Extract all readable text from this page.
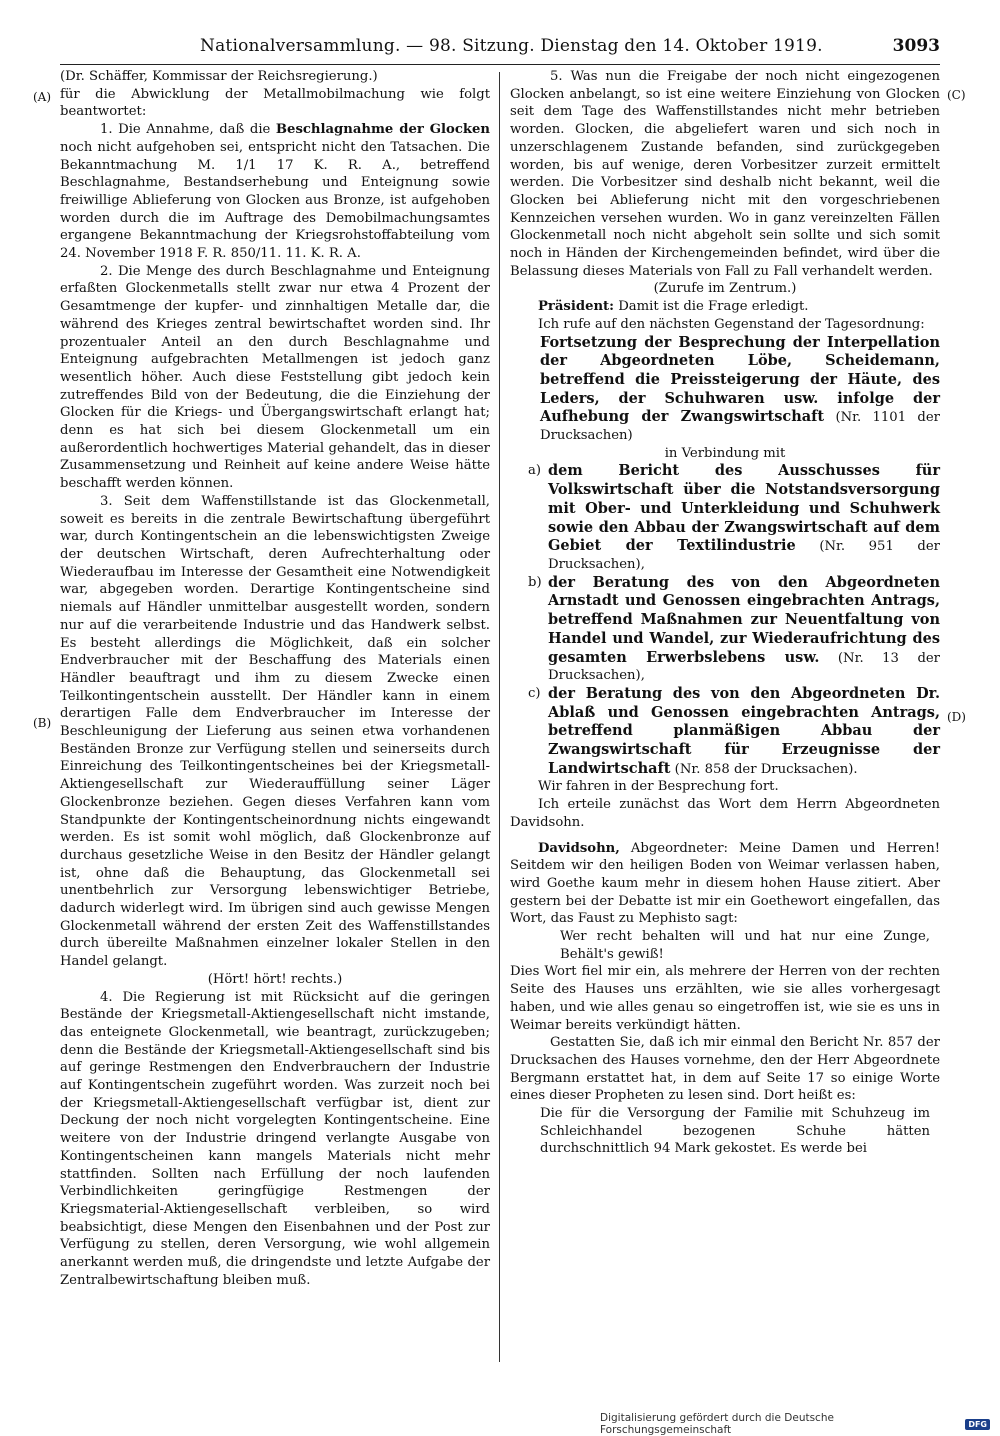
Nationalversammlung. — 98. Sitzung. Dienstag den 14. Oktober 1919.	3093
(A)
(B)
(C)
(D)

(Dr. Schäffer, Kommissar der Reichsregierung.)

für die Abwicklung der Metallmobilmachung wie folgt beantwortet:

1. Die Annahme, daß die Beschlagnahme der Glocken noch nicht aufgehoben sei, entspricht nicht den Tatsachen. Die Bekanntmachung M. 1/1 17 K. R. A., betreffend Beschlagnahme, Bestandserhebung und Enteignung sowie freiwillige Ablieferung von Glocken aus Bronze, ist aufgehoben worden durch die im Auftrage des Demobilmachungsamtes ergangene Bekanntmachung der Kriegsrohstoffabteilung vom 24. November 1918 F. R. 850/11. 11. K. R. A.

2. Die Menge des durch Beschlagnahme und Enteignung erfaßten Glockenmetalls stellt zwar nur etwa 4 Prozent der Gesamtmenge der kupfer- und zinnhaltigen Metalle dar, die während des Krieges zentral bewirtschaftet worden sind. Ihr prozentualer Anteil an den durch Beschlagnahme und Enteignung aufgebrachten Metallmengen ist jedoch ganz wesentlich höher. Auch diese Feststellung gibt jedoch kein zutreffendes Bild von der Bedeutung, die die Einziehung der Glocken für die Kriegs- und Übergangswirtschaft erlangt hat; denn es hat sich bei diesem Glockenmetall um ein außerordentlich hochwertiges Material gehandelt, das in dieser Zusammensetzung und Reinheit auf keine andere Weise hätte beschafft werden können.

3. Seit dem Waffenstillstande ist das Glockenmetall, soweit es bereits in die zentrale Bewirtschaftung übergeführt war, durch Kontingentschein an die lebenswichtigsten Zweige der deutschen Wirtschaft, deren Aufrechterhaltung oder Wiederaufbau im Interesse der Gesamtheit eine Notwendigkeit war, abgegeben worden. Derartige Kontingentscheine sind niemals auf Händler unmittelbar ausgestellt worden, sondern nur auf die verarbeitende Industrie und das Handwerk selbst. Es besteht allerdings die Möglichkeit, daß ein solcher Endverbraucher mit der Beschaffung des Materials einen Händler beauftragt und ihm zu diesem Zwecke einen Teilkontingentschein ausstellt. Der Händler kann in einem derartigen Falle dem Endverbraucher im Interesse der Beschleunigung der Lieferung aus seinen etwa vorhandenen Beständen Bronze zur Verfügung stellen und seinerseits durch Einreichung des Teilkontingentscheines bei der Kriegsmetall-Aktiengesellschaft zur Wiederauffüllung seiner Läger Glockenbronze beziehen. Gegen dieses Verfahren kann vom Standpunkte der Kontingentscheinordnung nichts eingewandt werden. Es ist somit wohl möglich, daß Glockenbronze auf durchaus gesetzliche Weise in den Besitz der Händler gelangt ist, ohne daß die Behauptung, das Glockenmetall sei unentbehrlich zur Versorgung lebenswichtiger Betriebe, dadurch widerlegt wird. Im übrigen sind auch gewisse Mengen Glockenmetall während der ersten Zeit des Waffenstillstandes durch übereilte Maßnahmen einzelner lokaler Stellen in den Handel gelangt.

(Hört! hört! rechts.)

4. Die Regierung ist mit Rücksicht auf die geringen Bestände der Kriegsmetall-Aktiengesellschaft nicht imstande, das enteignete Glockenmetall, wie beantragt, zurückzugeben; denn die Bestände der Kriegsmetall-Aktiengesellschaft sind bis auf geringe Restmengen den Endverbrauchern der Industrie auf Kontingentschein zugeführt worden. Was zurzeit noch bei der Kriegsmetall-Aktiengesellschaft verfügbar ist, dient zur Deckung der noch nicht vorgelegten Kontingentscheine. Eine weitere von der Industrie dringend verlangte Ausgabe von Kontingentscheinen kann mangels Materials nicht mehr stattfinden. Sollten nach Erfüllung der noch laufenden Verbindlichkeiten geringfügige Restmengen der Kriegsmaterial-Aktiengesellschaft verbleiben, so wird beabsichtigt, diese Mengen den Eisenbahnen und der Post zur Verfügung zu stellen, deren Versorgung, wie wohl allgemein anerkannt werden muß, die dringendste und letzte Aufgabe der Zentralbewirtschaftung bleiben muß.

5. Was nun die Freigabe der noch nicht eingezogenen Glocken anbelangt, so ist eine weitere Einziehung von Glocken seit dem Tage des Waffenstillstandes nicht mehr betrieben worden. Glocken, die abgeliefert waren und sich noch in unzerschlagenem Zustande befanden, sind zurückgegeben worden, bis auf wenige, deren Vorbesitzer zurzeit ermittelt werden. Die Vorbesitzer sind deshalb nicht bekannt, weil die Glocken bei Ablieferung nicht mit den vorgeschriebenen Kennzeichen versehen wurden. Wo in ganz vereinzelten Fällen Glockenmetall noch nicht abgeholt sein sollte und sich somit noch in Händen der Kirchengemeinden befindet, wird über die Belassung dieses Materials von Fall zu Fall verhandelt werden.

(Zurufe im Zentrum.)

Präsident: Damit ist die Frage erledigt.

Ich rufe auf den nächsten Gegenstand der Tagesordnung:

Fortsetzung der Besprechung der Interpellation der Abgeordneten Löbe, Scheidemann, betreffend die Preissteigerung der Häute, des Leders, der Schuhwaren usw. infolge der Aufhebung der Zwangswirtschaft (Nr. 1101 der Drucksachen)

in Verbindung mit

a) dem Bericht des Ausschusses für Volkswirtschaft über die Notstandsversorgung mit Ober- und Unterkleidung und Schuhwerk sowie den Abbau der Zwangswirtschaft auf dem Gebiet der Textilindustrie (Nr. 951 der Drucksachen),
b) der Beratung des von den Abgeordneten Arnstadt und Genossen eingebrachten Antrags, betreffend Maßnahmen zur Neuentfaltung von Handel und Wandel, zur Wiederaufrichtung des gesamten Erwerbslebens usw. (Nr. 13 der Drucksachen),
c) der Beratung des von den Abgeordneten Dr. Ablaß und Genossen eingebrachten Antrags, betreffend planmäßigen Abbau der Zwangswirtschaft für Erzeugnisse der Landwirtschaft (Nr. 858 der Drucksachen).

Wir fahren in der Besprechung fort.

Ich erteile zunächst das Wort dem Herrn Abgeordneten Davidsohn.

Davidsohn, Abgeordneter: Meine Damen und Herren! Seitdem wir den heiligen Boden von Weimar verlassen haben, wird Goethe kaum mehr in diesem hohen Hause zitiert. Aber gestern bei der Debatte ist mir ein Goethewort eingefallen, das Wort, das Faust zu Mephisto sagt:

Wer recht behalten will und hat nur eine Zunge, Behält's gewiß!

Dies Wort fiel mir ein, als mehrere der Herren von der rechten Seite des Hauses uns erzählten, wie sie alles vorhergesagt haben, und wie alles genau so eingetroffen ist, wie sie es uns in Weimar bereits verkündigt hätten.

Gestatten Sie, daß ich mir einmal den Bericht Nr. 857 der Drucksachen des Hauses vornehme, den der Herr Abgeordnete Bergmann erstattet hat, in dem auf Seite 17 so einige Worte eines dieser Propheten zu lesen sind. Dort heißt es:

Die für die Versorgung der Familie mit Schuhzeug im Schleichhandel bezogenen Schuhe hätten durchschnittlich 94 Mark gekostet. Es werde bei

Digitalisierung gefördert durch die Deutsche Forschungsgemeinschaft	DFG
